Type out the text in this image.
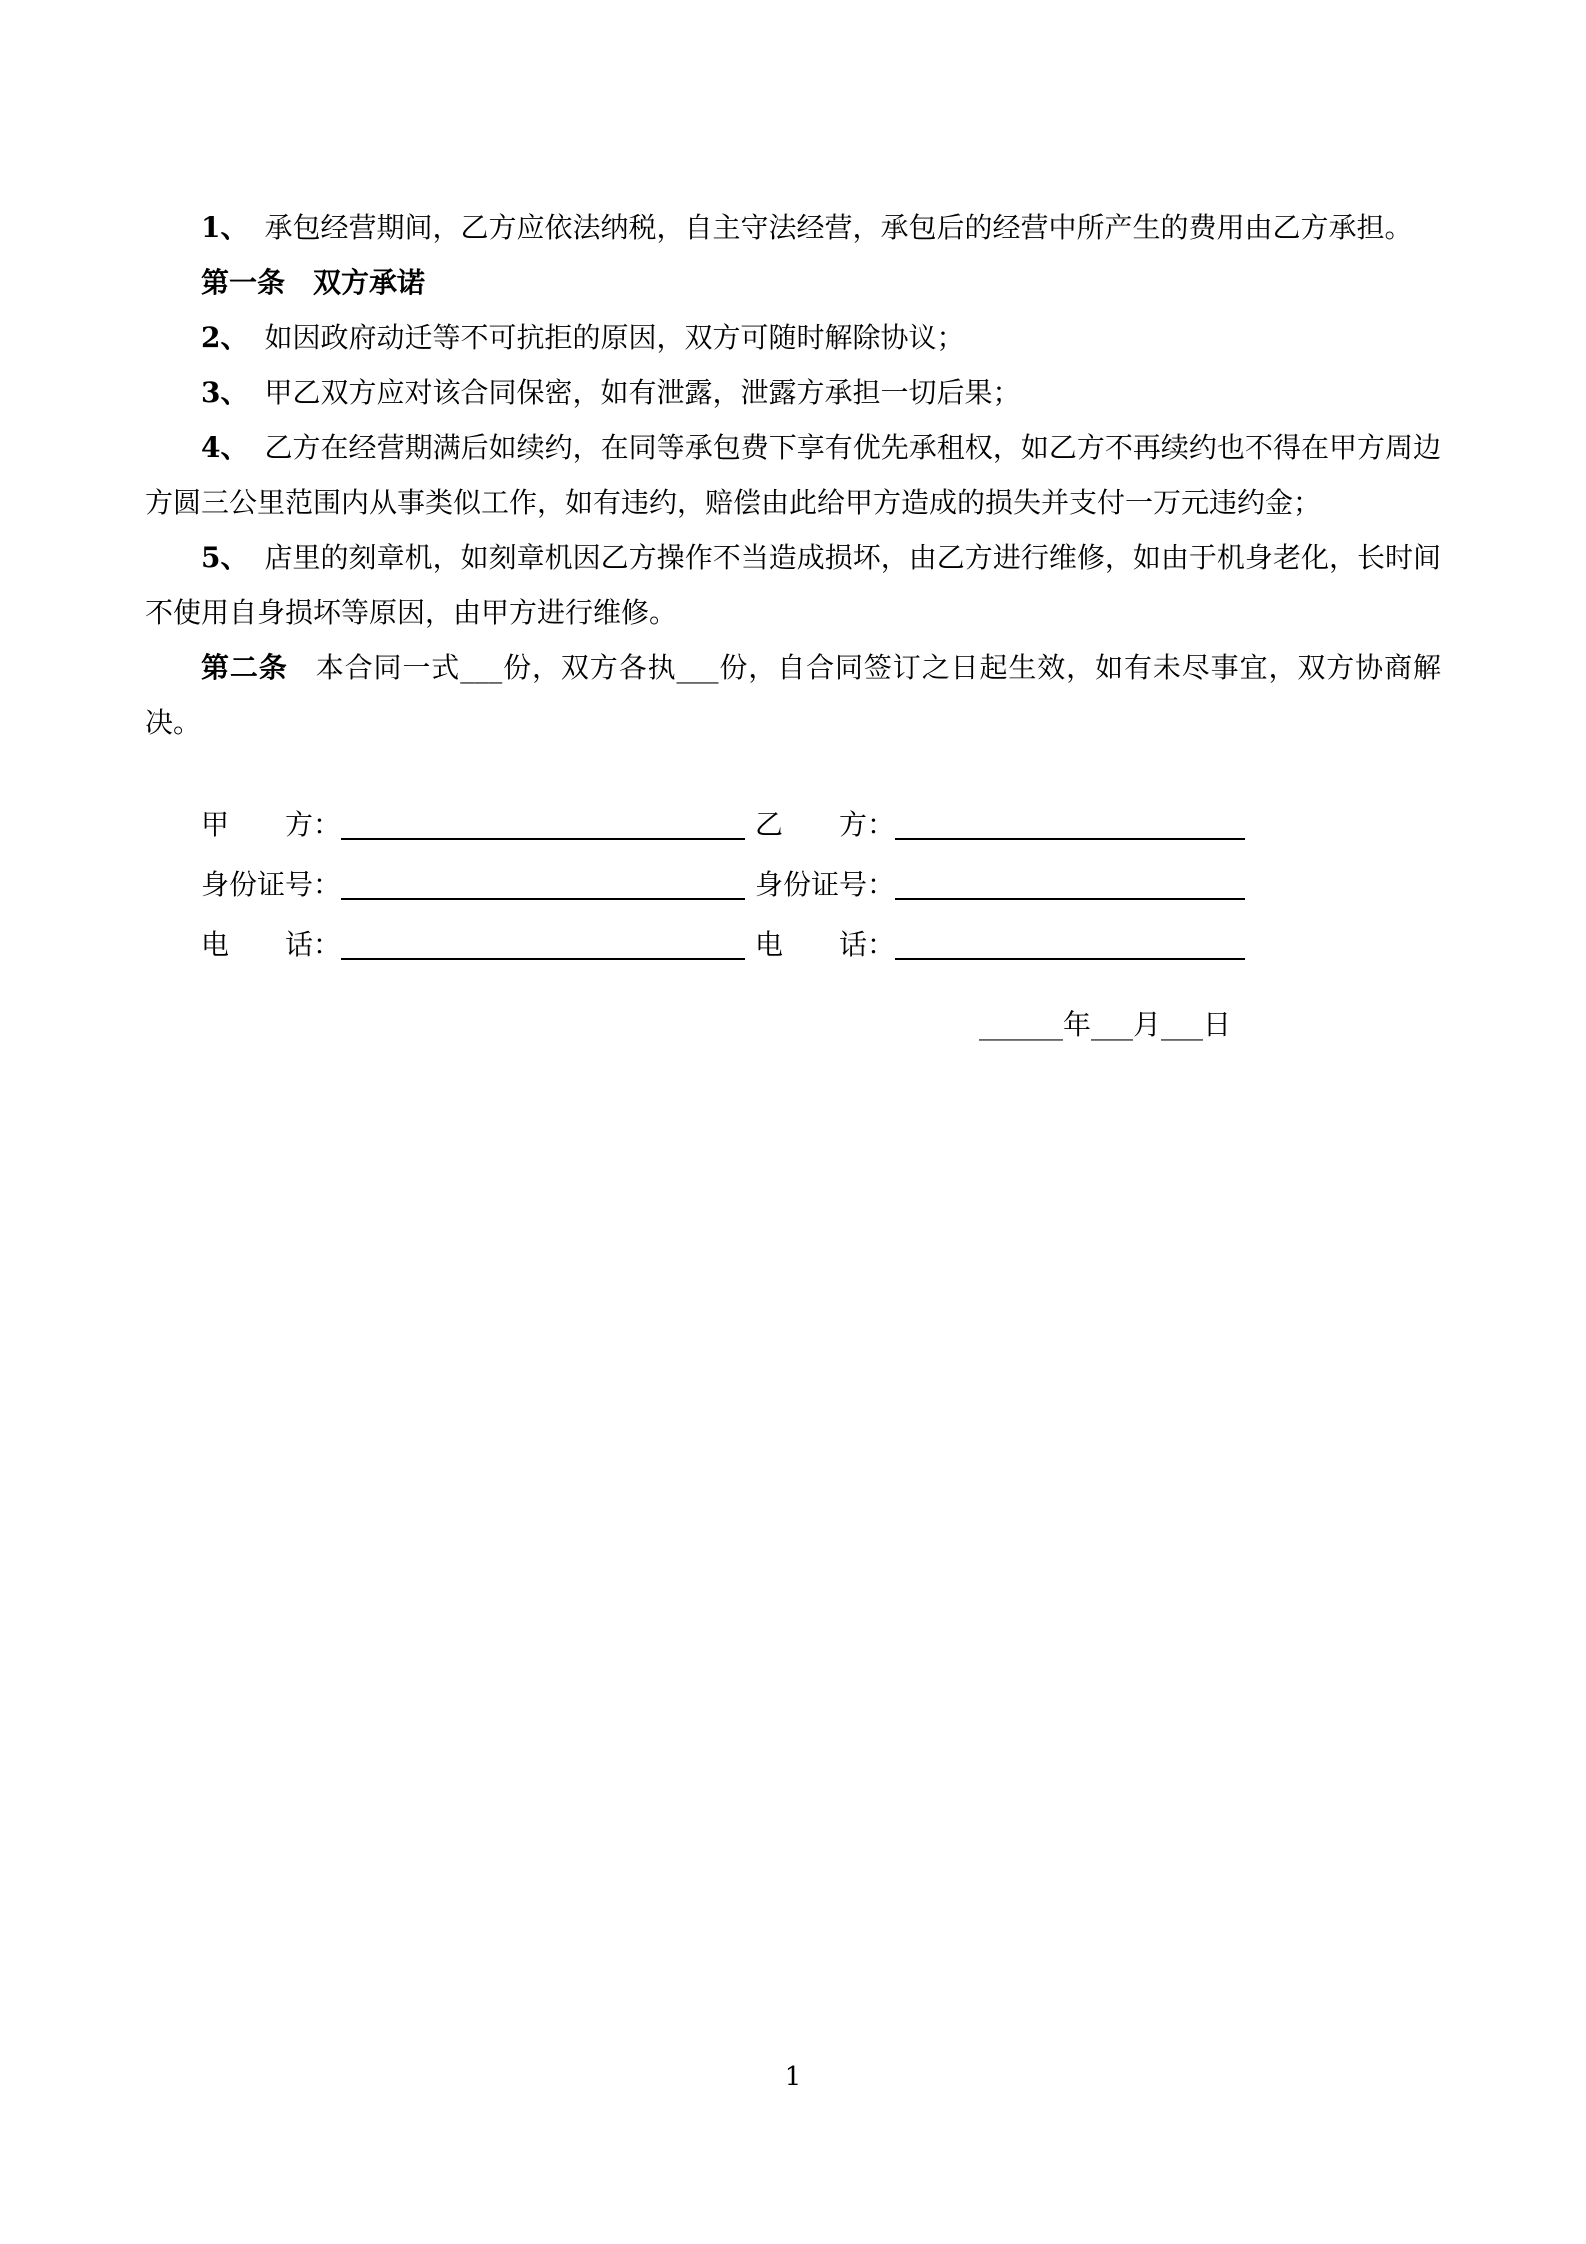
1、 承包经营期间，乙方应依法纳税，自主守法经营，承包后的经营中所产生的费用由乙方承担。

第一条 双方承诺

2、 如因政府动迁等不可抗拒的原因，双方可随时解除协议；

3、 甲乙双方应对该合同保密，如有泄露，泄露方承担一切后果；

4、 乙方在经营期满后如续约，在同等承包费下享有优先承租权，如乙方不再续约也不得在甲方周边方圆三公里范围内从事类似工作，如有违约，赔偿由此给甲方造成的损失并支付一万元违约金；

5、 店里的刻章机，如刻章机因乙方操作不当造成损坏，由乙方进行维修，如由于机身老化，长时间不使用自身损坏等原因，由甲方进行维修。

第二条 本合同一式___份，双方各执___份，自合同签订之日起生效，如有未尽事宜，双方协商解决。

甲　　方：	乙　　方：
身份证号：	身份证号：
电　　话：	电　　话：
______年___月___日
1
